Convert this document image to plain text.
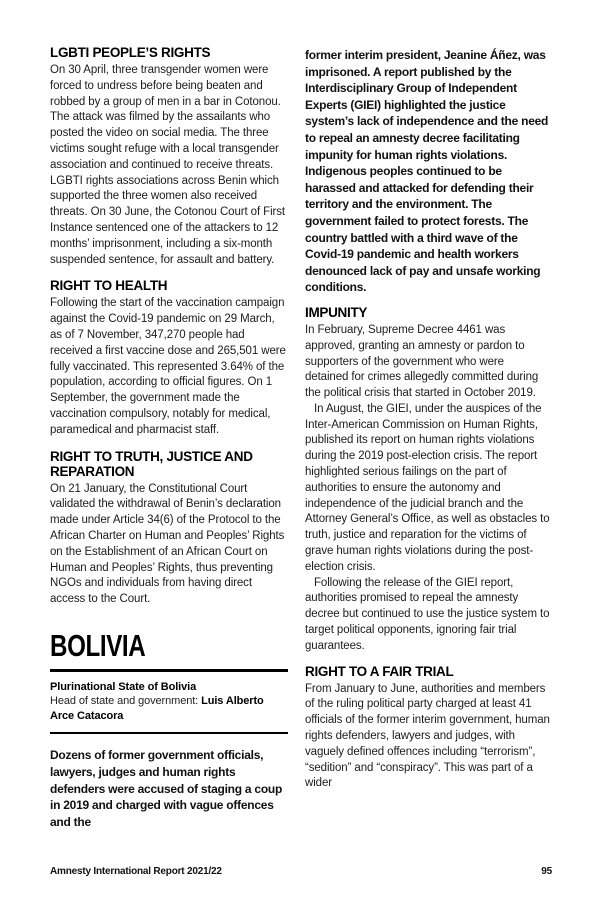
LGBTI PEOPLE’S RIGHTS

On 30 April, three transgender women were forced to undress before being beaten and robbed by a group of men in a bar in Cotonou. The attack was filmed by the assailants who posted the video on social media. The three victims sought refuge with a local transgender association and continued to receive threats. LGBTI rights associations across Benin which supported the three women also received threats. On 30 June, the Cotonou Court of First Instance sentenced one of the attackers to 12 months’ imprisonment, including a six-month suspended sentence, for assault and battery.

RIGHT TO HEALTH

Following the start of the vaccination campaign against the Covid-19 pandemic on 29 March, as of 7 November, 347,270 people had received a first vaccine dose and 265,501 were fully vaccinated. This represented 3.64% of the population, according to official figures. On 1 September, the government made the vaccination compulsory, notably for medical, paramedical and pharmacist staff.

RIGHT TO TRUTH, JUSTICE AND REPARATION

On 21 January, the Constitutional Court validated the withdrawal of Benin’s declaration made under Article 34(6) of the Protocol to the African Charter on Human and Peoples’ Rights on the Establishment of an African Court on Human and Peoples’ Rights, thus preventing NGOs and individuals from having direct access to the Court.

BOLIVIA
Plurinational State of Bolivia
Head of state and government: Luis Alberto Arce Catacora

Dozens of former government officials, lawyers, judges and human rights defenders were accused of staging a coup in 2019 and charged with vague offences and the

former interim president, Jeanine Áñez, was imprisoned. A report published by the Interdisciplinary Group of Independent Experts (GIEI) highlighted the justice system’s lack of independence and the need to repeal an amnesty decree facilitating impunity for human rights violations. Indigenous peoples continued to be harassed and attacked for defending their territory and the environment. The government failed to protect forests. The country battled with a third wave of the Covid-19 pandemic and health workers denounced lack of pay and unsafe working conditions.

IMPUNITY

In February, Supreme Decree 4461 was approved, granting an amnesty or pardon to supporters of the government who were detained for crimes allegedly committed during the political crisis that started in October 2019.

In August, the GIEI, under the auspices of the Inter-American Commission on Human Rights, published its report on human rights violations during the 2019 post-election crisis. The report highlighted serious failings on the part of authorities to ensure the autonomy and independence of the judicial branch and the Attorney General’s Office, as well as obstacles to truth, justice and reparation for the victims of grave human rights violations during the post-election crisis.

Following the release of the GIEI report, authorities promised to repeal the amnesty decree but continued to use the justice system to target political opponents, ignoring fair trial guarantees.

RIGHT TO A FAIR TRIAL

From January to June, authorities and members of the ruling political party charged at least 41 officials of the former interim government, human rights defenders, lawyers and judges, with vaguely defined offences including “terrorism”, “sedition” and “conspiracy”. This was part of a wider

Amnesty International Report 2021/22	95
